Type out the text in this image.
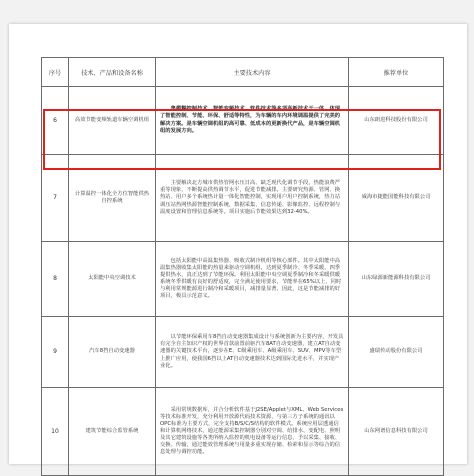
序号	技术、产品和设备名称	主要技术内容	推荐单位
6	高效节能变频轨道车辆空调机组	集模糊控制技术、智能变频技术、软件技术等多项高新技术于一体。体现了智能控制、节能、环保、舒适等特性，为车辆的车内环境调温提供了完美的解决方案。是车辆空调机组的高可靠、低成本的更新换代产品，是车辆空调机组的发展方向。	山东朗进科技股份有限公司
7	计算温控一体化全方位智能供热自控系统	主要解决北方城市供热管网水压日高、缺乏现代化调节手段，热能浪费严重等现象，不断提高供热调节水平，促进节能减排。主要研究热源、管网、换热站、用户多个系统热计量一体化智能控制，实现用户用户控制系统，热力站调压站热网热源智能控制系统，数据采集、信息传递、影像监控、远程控制与温度设置和管理信息系统等。项目实施后节能效果达到32-40%。	威海市捷能国能科技有限公司
8	太阳能中央空调技术	包括太阳能中高温集热器、吸收式制冷机组等核心部件。其中太阳能中高温集热器收集太阳能的热量来驱动空调机组，达到夏季制冷、冬季采暖、四季提供热水，真正达到了节能环保。利用太阳能中央空调夏季制冷和冬采暖供暖系统冬季供暖有良好的舒适度，完全满足使用要求，节能率在65%以上，同时与利用常规能源进行制冷和采暖项目，减排量显著，因此，这是节能减排的好项目，极具示范意义。	山东绿源新能源科技有限公司
9	汽车8挡自动变速器	以节能环保乘用车8挡自动变速器集成设计与系统创新为主要内容，开发具有完全自主知识产权的世界首款前置前驱汽车8AT自动变速器，建立AT自动变速器的关键技术平台，逐步在E、C级乘用车、A级乘用车、SUV、MPV等车型上推广应用，使我国6挡以上AT自动变速器技术达到国际先进水平，并实现产业化。	盛瑞传动股份有限公司
10	建筑节能综合监管系统	采用常规数据库，并合分析软件基于J2SE/Applet与XML、Web Services等技术标准开发，充分利用开放源代码技术资源，与第三方子系统的通讯以OPC标准为主要方式，完全支持B/S/C/S结构的软件模式。系统应用层透通信和计算机网络技术，通过能源采集控制器分别对空调、给排水、变配电、照明及其它建筑设施等各类所纳入监控的机电设备等运行信息，予以采集、接收、交换、传输，通过能效管理系统与用量多重实现存储、检索和显示等综合的信息处理与调控功能。	山东网谱信息科技有限公司
